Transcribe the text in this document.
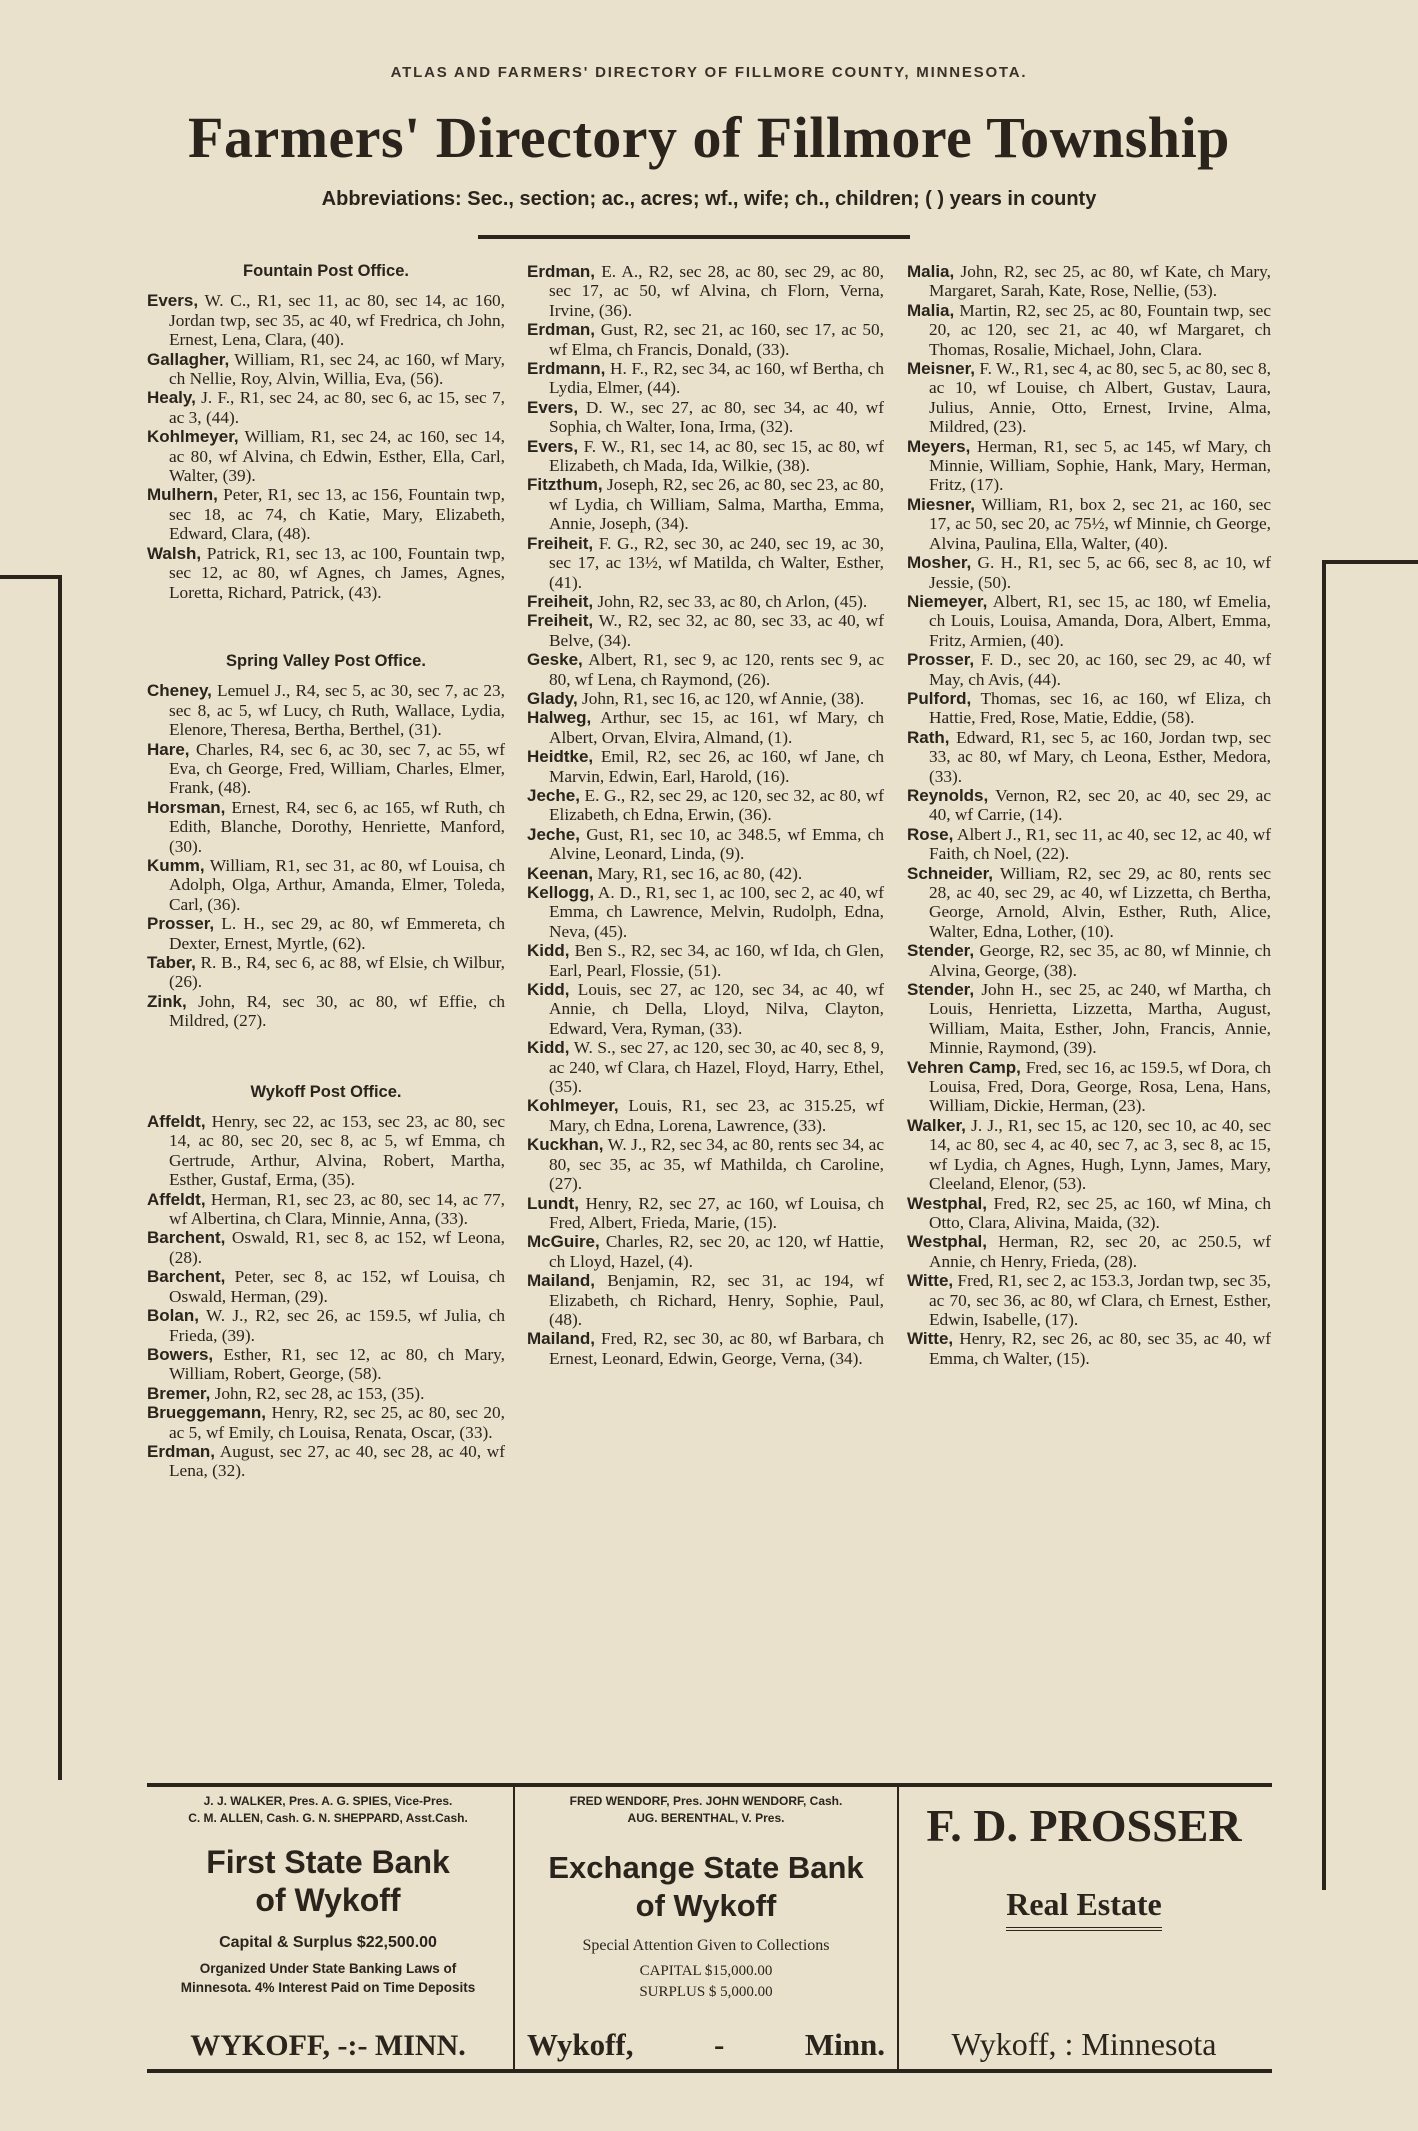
ATLAS AND FARMERS' DIRECTORY OF FILLMORE COUNTY, MINNESOTA.
Farmers' Directory of Fillmore Township
Abbreviations: Sec., section; ac., acres; wf., wife; ch., children; ( ) years in county
Fountain Post Office.
Evers, W. C., R1, sec 11, ac 80, sec 14, ac 160, Jordan twp, sec 35, ac 40, wf Fredricа, ch John, Ernest, Lena, Clara, (40).
Gallagher, William, R1, sec 24, ac 160, wf Mary, ch Nellie, Roy, Alvin, Willia, Eva, (56).
Healy, J. F., R1, sec 24, ac 80, sec 6, ac 15, sec 7, ac 3, (44).
Kohlmeyer, William, R1, sec 24, ac 160, sec 14, ac 80, wf Alvina, ch Edwin, Esther, Ella, Carl, Walter, (39).
Mulhern, Peter, R1, sec 13, ac 156, Fountain twp, sec 18, ac 74, ch Katie, Mary, Elizabeth, Edward, Clara, (48).
Walsh, Patrick, R1, sec 13, ac 100, Fountain twp, sec 12, ac 80, wf Agnes, ch James, Agnes, Loretta, Richard, Patrick, (43).
Spring Valley Post Office.
Cheney, Lemuel J., R4, sec 5, ac 30, sec 7, ac 23, sec 8, ac 5, wf Lucy, ch Ruth, Wallace, Lydia, Elenore, Theresa, Bertha, Berthel, (31).
Hare, Charles, R4, sec 6, ac 30, sec 7, ac 55, wf Eva, ch George, Fred, William, Charles, Elmer, Frank, (48).
Horsman, Ernest, R4, sec 6, ac 165, wf Ruth, ch Edith, Blanche, Dorothy, Henriette, Manford, (30).
Kumm, William, R1, sec 31, ac 80, wf Louisa, ch Adolph, Olga, Arthur, Amanda, Elmer, Toleda, Carl, (36).
Prosser, L. H., sec 29, ac 80, wf Emmereta, ch Dexter, Ernest, Myrtle, (62).
Taber, R. B., R4, sec 6, ac 88, wf Elsie, ch Wilbur, (26).
Zink, John, R4, sec 30, ac 80, wf Effie, ch Mildred, (27).
Wykoff Post Office.
Affeldt, Henry, sec 22, ac 153, sec 23, ac 80, sec 14, ac 80, sec 20, sec 8, ac 5, wf Emma, ch Gertrude, Arthur, Alvina, Robert, Martha, Esther, Gustaf, Erma, (35).
Affeldt, Herman, R1, sec 23, ac 80, sec 14, ac 77, wf Albertina, ch Clara, Minnie, Anna, (33).
Barchent, Oswald, R1, sec 8, ac 152, wf Leona, (28).
Barchent, Peter, sec 8, ac 152, wf Louisa, ch Oswald, Herman, (29).
Bolan, W. J., R2, sec 26, ac 159.5, wf Julia, ch Frieda, (39).
Bowers, Esther, R1, sec 12, ac 80, ch Mary, William, Robert, George, (58).
Bremer, John, R2, sec 28, ac 153, (35).
Brueggemann, Henry, R2, sec 25, ac 80, sec 20, ac 5, wf Emily, ch Louisa, Renata, Oscar, (33).
Erdman, August, sec 27, ac 40, sec 28, ac 40, wf Lena, (32).
Erdman, E. A., R2, sec 28, ac 80, sec 29, ac 80, sec 17, ac 50, wf Alvina, ch Florn, Verna, Irvine, (36).
Erdman, Gust, R2, sec 21, ac 160, sec 17, ac 50, wf Elma, ch Francis, Donald, (33).
Erdmann, H. F., R2, sec 34, ac 160, wf Bertha, ch Lydia, Elmer, (44).
Evers, D. W., sec 27, ac 80, sec 34, ac 40, wf Sophia, ch Walter, Iona, Irma, (32).
Evers, F. W., R1, sec 14, ac 80, sec 15, ac 80, wf Elizabeth, ch Mada, Ida, Wilkie, (38).
Fitzthum, Joseph, R2, sec 26, ac 80, sec 23, ac 80, wf Lydia, ch William, Salma, Martha, Emma, Annie, Joseph, (34).
Freiheit, F. G., R2, sec 30, ac 240, sec 19, ac 30, sec 17, ac 13½, wf Matilda, ch Walter, Esther, (41).
Freiheit, John, R2, sec 33, ac 80, ch Arlon, (45).
Freiheit, W., R2, sec 32, ac 80, sec 33, ac 40, wf Belve, (34).
Geske, Albert, R1, sec 9, ac 120, rents sec 9, ac 80, wf Lena, ch Raymond, (26).
Glady, John, R1, sec 16, ac 120, wf Annie, (38).
Halweg, Arthur, sec 15, ac 161, wf Mary, ch Albert, Orvan, Elvira, Almand, (1).
Heidtke, Emil, R2, sec 26, ac 160, wf Jane, ch Marvin, Edwin, Earl, Harold, (16).
Jeche, E. G., R2, sec 29, ac 120, sec 32, ac 80, wf Elizabeth, ch Edna, Erwin, (36).
Jeche, Gust, R1, sec 10, ac 348.5, wf Emma, ch Alvine, Leonard, Linda, (9).
Keenan, Mary, R1, sec 16, ac 80, (42).
Kellogg, A. D., R1, sec 1, ac 100, sec 2, ac 40, wf Emma, ch Lawrence, Melvin, Rudolph, Edna, Neva, (45).
Kidd, Ben S., R2, sec 34, ac 160, wf Ida, ch Glen, Earl, Pearl, Flossie, (51).
Kidd, Louis, sec 27, ac 120, sec 34, ac 40, wf Annie, ch Della, Lloyd, Nilva, Clayton, Edward, Vera, Ryman, (33).
Kidd, W. S., sec 27, ac 120, sec 30, ac 40, sec 8, 9, ac 240, wf Clara, ch Hazel, Floyd, Harry, Ethel, (35).
Kohlmeyer, Louis, R1, sec 23, ac 315.25, wf Mary, ch Edna, Lorena, Lawrence, (33).
Kuckhan, W. J., R2, sec 34, ac 80, rents sec 34, ac 80, sec 35, ac 35, wf Mathilda, ch Caroline, (27).
Lundt, Henry, R2, sec 27, ac 160, wf Louisa, ch Fred, Albert, Frieda, Marie, (15).
McGuire, Charles, R2, sec 20, ac 120, wf Hattie, ch Lloyd, Hazel, (4).
Mailand, Benjamin, R2, sec 31, ac 194, wf Elizabeth, ch Richard, Henry, Sophie, Paul, (48).
Mailand, Fred, R2, sec 30, ac 80, wf Barbara, ch Ernest, Leonard, Edwin, George, Verna, (34).
Malia, John, R2, sec 25, ac 80, wf Kate, ch Mary, Margaret, Sarah, Kate, Rose, Nellie, (53).
Malia, Martin, R2, sec 25, ac 80, Fountain twp, sec 20, ac 120, sec 21, ac 40, wf Margaret, ch Thomas, Rosalie, Michael, John, Clara.
Meisner, F. W., R1, sec 4, ac 80, sec 5, ac 80, sec 8, ac 10, wf Louise, ch Albert, Gustav, Laura, Julius, Annie, Otto, Ernest, Irvine, Alma, Mildred, (23).
Meyers, Herman, R1, sec 5, ac 145, wf Mary, ch Minnie, William, Sophie, Hank, Mary, Herman, Fritz, (17).
Miesner, William, R1, box 2, sec 21, ac 160, sec 17, ac 50, sec 20, ac 75½, wf Minnie, ch George, Alvina, Paulina, Ella, Walter, (40).
Mosher, G. H., R1, sec 5, ac 66, sec 8, ac 10, wf Jessie, (50).
Niemeyer, Albert, R1, sec 15, ac 180, wf Emelia, ch Louis, Louisa, Amanda, Dora, Albert, Emma, Fritz, Armien, (40).
Prosser, F. D., sec 20, ac 160, sec 29, ac 40, wf May, ch Avis, (44).
Pulford, Thomas, sec 16, ac 160, wf Eliza, ch Hattie, Fred, Rose, Matie, Eddie, (58).
Rath, Edward, R1, sec 5, ac 160, Jordan twp, sec 33, ac 80, wf Mary, ch Leona, Esther, Medora, (33).
Reynolds, Vernon, R2, sec 20, ac 40, sec 29, ac 40, wf Carrie, (14).
Rose, Albert J., R1, sec 11, ac 40, sec 12, ac 40, wf Faith, ch Noel, (22).
Schneider, William, R2, sec 29, ac 80, rents sec 28, ac 40, sec 29, ac 40, wf Lizzetta, ch Bertha, George, Arnold, Alvin, Esther, Ruth, Alice, Walter, Edna, Lother, (10).
Stender, George, R2, sec 35, ac 80, wf Minnie, ch Alvina, George, (38).
Stender, John H., sec 25, ac 240, wf Martha, ch Louis, Henrietta, Lizzetta, Martha, August, William, Maita, Esther, John, Francis, Annie, Minnie, Raymond, (39).
Vehren Camp, Fred, sec 16, ac 159.5, wf Dora, ch Louisa, Fred, Dora, George, Rosa, Lena, Hans, William, Dickie, Herman, (23).
Walker, J. J., R1, sec 15, ac 120, sec 10, ac 40, sec 14, ac 80, sec 4, ac 40, sec 7, ac 3, sec 8, ac 15, wf Lydia, ch Agnes, Hugh, Lynn, James, Mary, Cleeland, Elenor, (53).
Westphal, Fred, R2, sec 25, ac 160, wf Mina, ch Otto, Clara, Alivina, Maida, (32).
Westphal, Herman, R2, sec 20, ac 250.5, wf Annie, ch Henry, Frieda, (28).
Witte, Fred, R1, sec 2, ac 153.3, Jordan twp, sec 35, ac 70, sec 36, ac 80, wf Clara, ch Ernest, Esther, Edwin, Isabelle, (17).
Witte, Henry, R2, sec 26, ac 80, sec 35, ac 40, wf Emma, ch Walter, (15).
J. J. WALKER, Pres. A. G. SPIES, Vice-Pres.
C. M. ALLEN, Cash. G. N. SHEPPARD, Asst.Cash.
First State Bank
of Wykoff
Capital & Surplus $22,500.00
Organized Under State Banking Laws of Minnesota. 4% Interest Paid on Time Deposits
WYKOFF, -:- MINN.
FRED WENDORF, Pres. JOHN WENDORF, Cash.
AUG. BERENTHAL, V. Pres.
Exchange State Bank
of Wykoff
Special Attention Given to Collections
CAPITAL $15,000.00
SURPLUS $ 5,000.00
Wykoff,	-	Minn.
F. D. PROSSER
Real Estate
Wykoff, : Minnesota
